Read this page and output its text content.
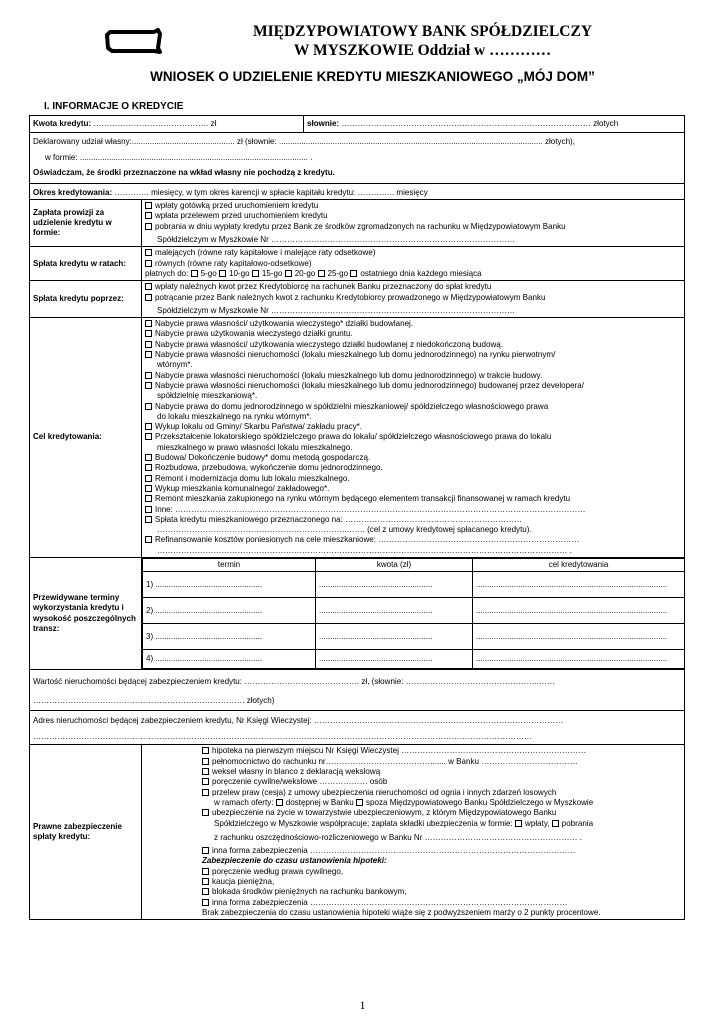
MIĘDZYPOWIATOWY BANK SPÓŁDZIELCZY
W MYSZKOWIE Oddział w …………
WNIOSEK O UDZIELENIE KREDYTU MIESZKANIOWEGO „MÓJ DOM”
I. INFORMACJE O KREDYCIE
Kwota kredytu: ……………………………………. zł	słownie: ………………………………………………………………………………… złotych

Deklarowany udział własny:.............................................. zł (słownie: ...................................................................................................................... złotych),
w formie: ...................................................................................................... .
Oświadczam, że środki przeznaczone na wkład własny nie pochodzą z kredytu.

Okres kredytowania: …………. miesięcy, w tym okres karencji w spłacie kapitału kredytu: ………….. miesięcy
Zapłata prowizji za udzielenie kredytu w formie:	
wpłaty gotówką przed uruchomieniem kredytu
wpłata przelewem przed uruchomieniem kredytu
pobrania w dniu wypłaty kredytu przez Bank ze środków zgromadzonych na rachunku w Międzypowiatowym Banku
Spółdzielczym w Myszkowie Nr ……………………………………………………………………………….

Spłata kredytu w ratach:	
malejących (równe raty kapitałowe i malejące raty odsetkowe)
równych (równe raty kapitałowo-odsetkowe)
płatnych do: 5-go 10-go 15-go 20-go 25-go ostatniego dnia każdego miesiąca

Spłata kredytu poprzez:	
wpłaty należnych kwot przez Kredytobiorcę na rachunek Banku przeznaczony do spłat kredytu
potrącanie przez Bank należnych kwot z rachunku Kredytobiorcy prowadzonego w Międzypowiatowym Banku
Spółdzielczym w Myszkowie Nr ……………………………………………………………………………….

Cel kredytowania:	
Nabycie prawa własności/ użytkowania wieczystego* działki budowlanej.
Nabycie prawa użytkowania wieczystego działki gruntu.
Nabycie prawa własności/ użytkowania wieczystego działki budowlanej z niedokończoną budową.
Nabycie prawa własności nieruchomości (lokalu mieszkalnego lub domu jednorodzinnego) na rynku pierwotnym/
wtórnym*.
Nabycie prawa własności nieruchomości (lokalu mieszkalnego lub domu jednorodzinnego) w trakcie budowy.
Nabycie prawa własności nieruchomości (lokalu mieszkalnego lub domu jednorodzinnego) budowanej przez developera/
spółdzielnię mieszkaniową*.
Nabycie prawa do domu jednorodzinnego w spółdzielni mieszkaniowej/ spółdzielczego własnościowego prawa
do lokalu mieszkalnego na rynku wtórnym*.
Wykup lokalu od Gminy/ Skarbu Państwa/ zakładu pracy*.
Przekształcenie lokatorskiego spółdzielczego prawa do lokalu/ spółdzielczego własnościowego prawa do lokalu
mieszkalnego w prawo własności lokalu mieszkalnego.
Budowa/ Dokończenie budowy* domu metodą gospodarczą.
Rozbudowa, przebudowa, wykończenie domu jednorodzinnego.
Remont i modernizacja domu lub lokalu mieszkalnego.
Wykup mieszkania komunalnego/ zakładowego*.
Remont mieszkania zakupionego na rynku wtórnym będącego elementem transakcji finansowanej w ramach kredytu
Inne: ………………………………………………………………………………………………………………………………………
Spłata kredytu mieszkaniowego przeznaczonego na: …………………………………………………………
……………………………………………………………..……. (cel z umowy kredytowej spłacanego kredytu).
Refinansowanie kosztów poniesionych na cele mieszkaniowe: …………………………………………………………………
……………………………………………………………………………………………………………………………………… .

Przewidywane terminy wykorzystania kredytu i wysokość poszczególnych transz:	
termin	kwota (zł)	cel kredytowania
1) ................................................	...................................................	......................................................................................
2) ................................................	...................................................	......................................................................................
3) ................................................	...................................................	......................................................................................
4) ................................................	...................................................	......................................................................................

Wartość nieruchomości będącej zabezpieczeniem kredytu: ……………………………………. zł, (słownie: …………………………………………..……
……………………………………………………………………. złotych)

Adres nieruchomości będącej zabezpieczeniem kredytu, Nr Księgi Wieczystej: …………………………………………………………………………………
……………………………………………………………………………………………………………………………………………………………………

Prawne zabezpieczenie spłaty kredytu:	
hipoteka na pierwszym miejscu Nr Księgi Wieczystej ……………………………………………………………
pełnomocnictwo do rachunku nr…………………………………....... w Banku ………………………………
weksel własny in blanco z deklaracją wekslową
poręczenie cywilne/wekslowe ……………… osób
przelew praw (cesja) z umowy ubezpieczenia nieruchomości od ognia i innych zdarzeń losowych
w ramach oferty: dostępnej w Banku spoza Międzypowiatowego Banku Spółdzielczego w Myszkowie
ubezpieczenie na życie w towarzystwie ubezpieczeniowym, z którym Międzypowiatowego Banku
Spółdzielczego w Myszkowie współpracuje; zapłata składki ubezpieczenia w formie: wpłaty, pobrania
z rachunku oszczędnościowo-rozliczeniowego w Banku Nr ………………………………………………… .
inna forma zabezpieczenia ………………………………………………………………………………………
Zabezpieczenie do czasu ustanowienia hipoteki:
poręczenie według prawa cywilnego,
kaucja pieniężna,
blokada środków pieniężnych na rachunku bankowym,
inna forma zabezpieczenia ……………………………………………………………………………………
Brak zabezpieczenia do czasu ustanowienia hipoteki wiąże się z podwyższeniem marży o 2 punkty procentowe.
1
